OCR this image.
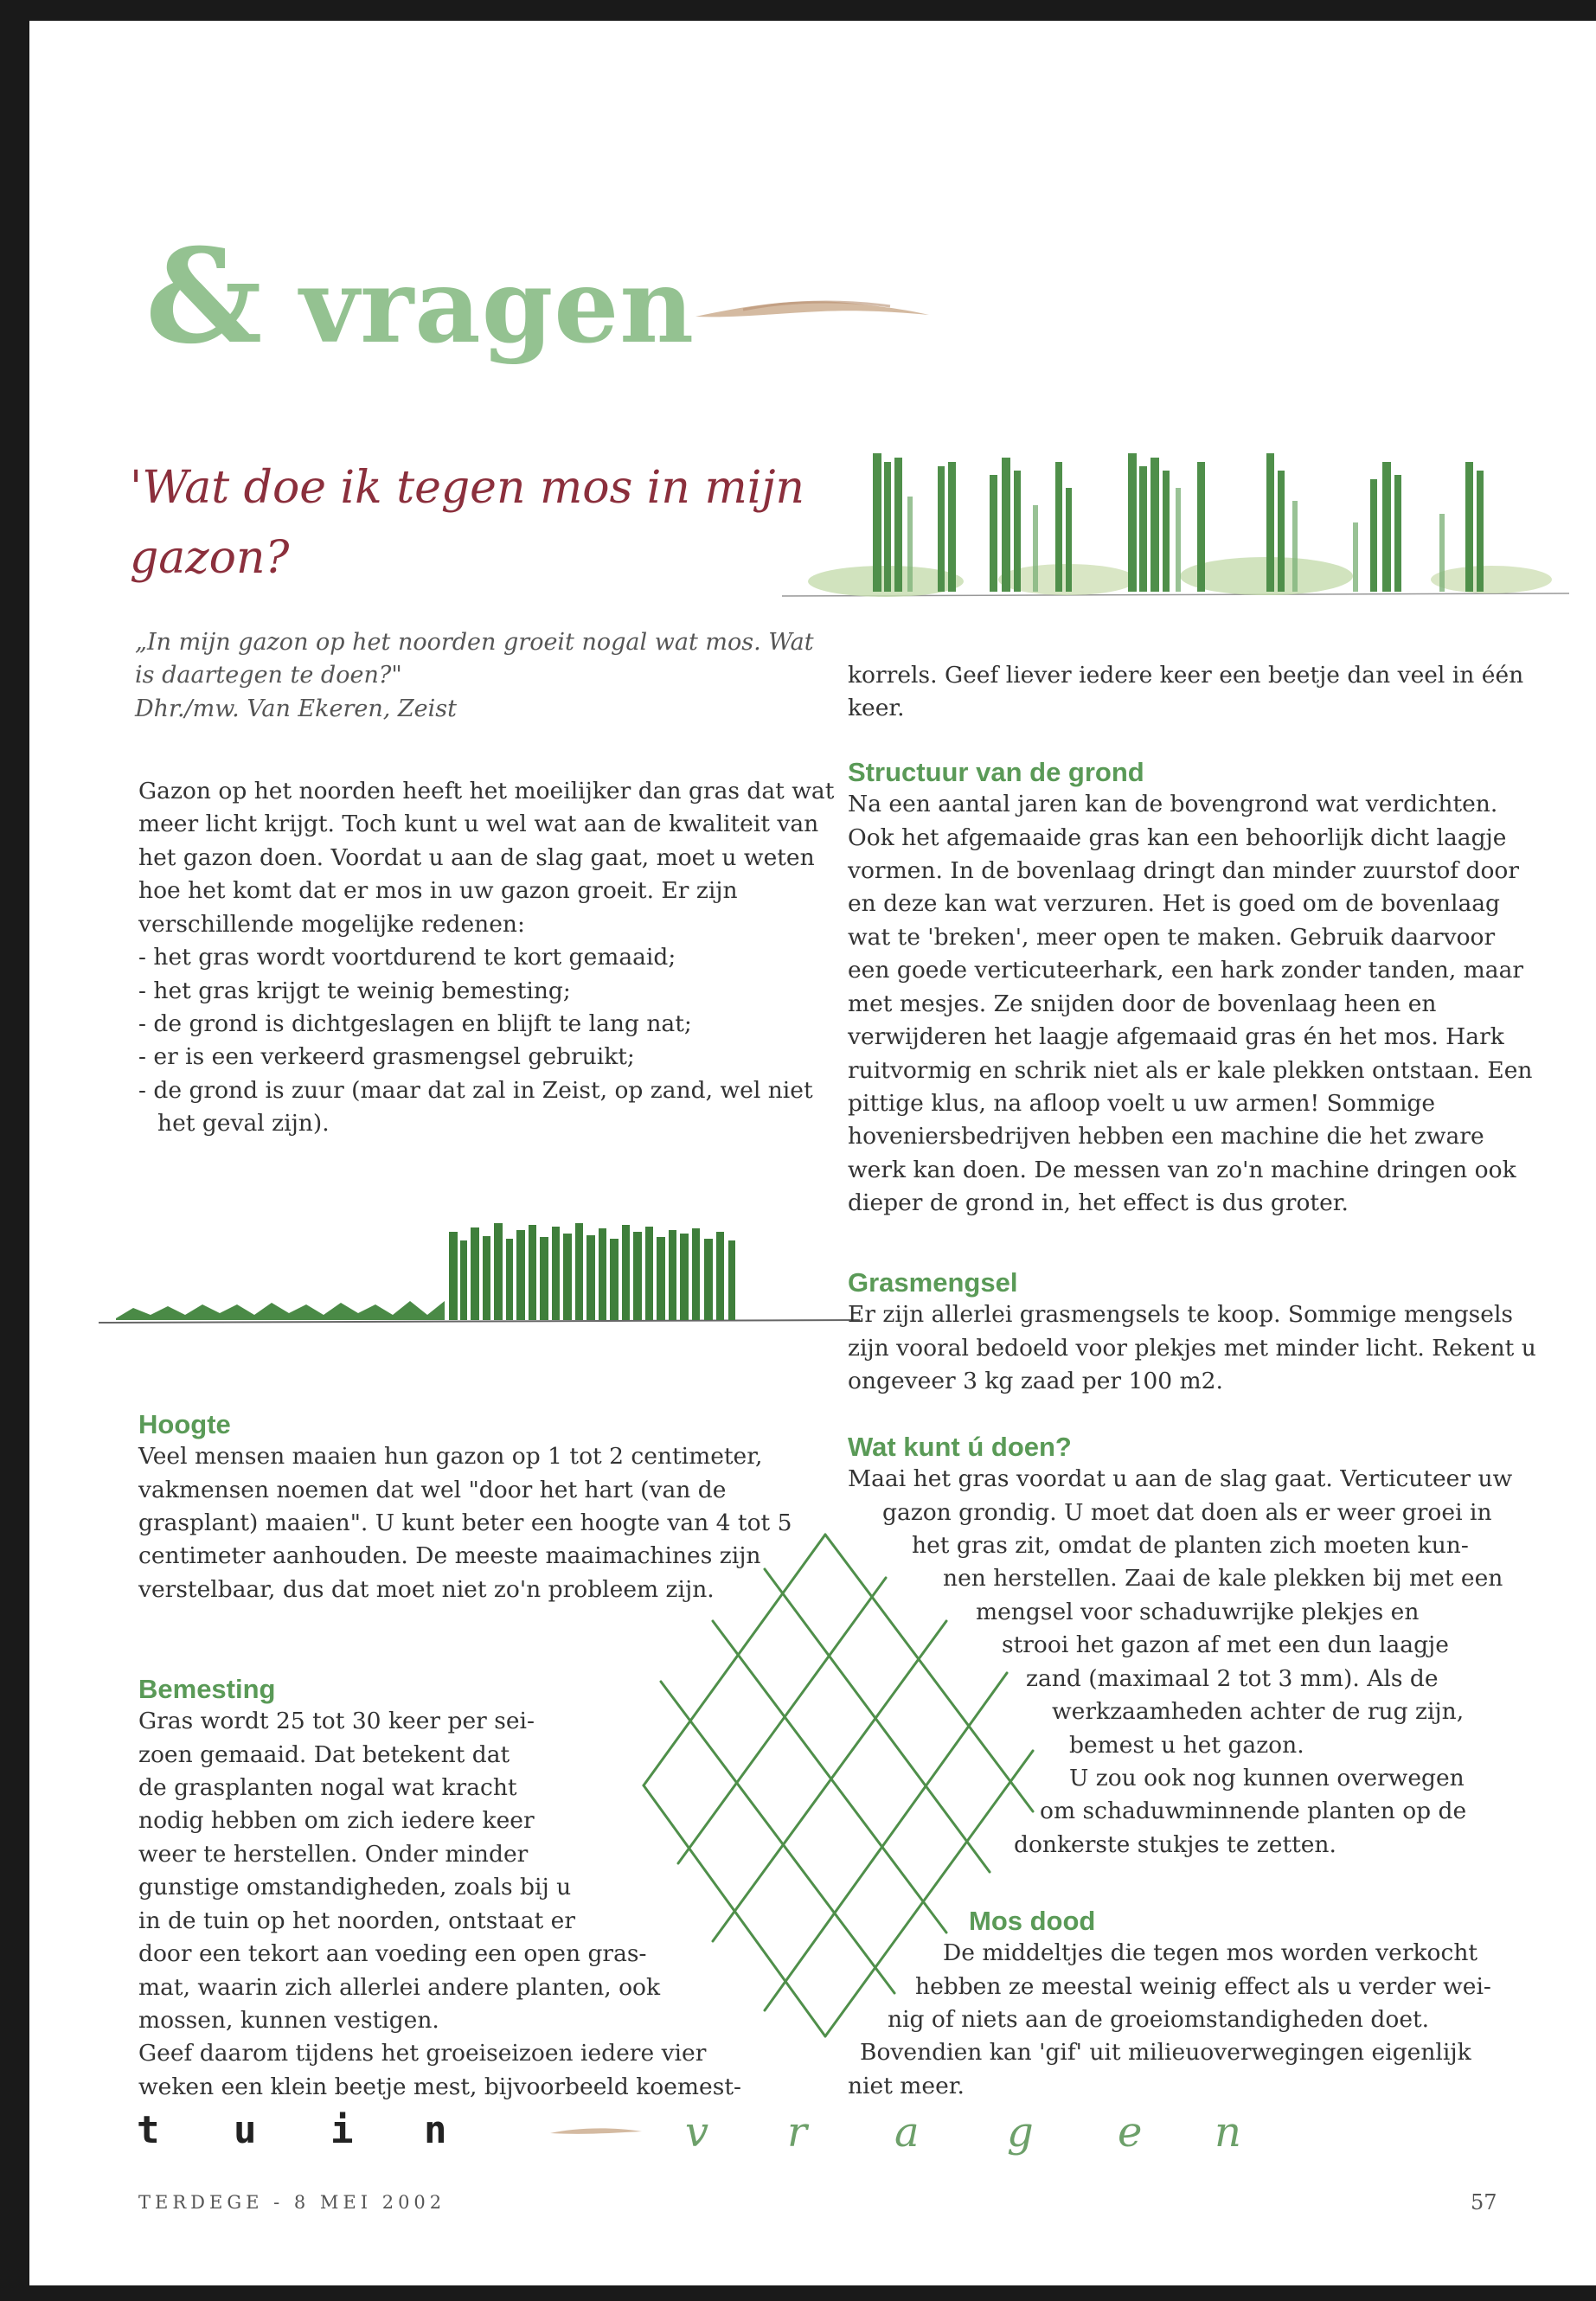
& vragen
'Wat doe ik tegen mos in mijn gazon?

„In mijn gazon op het noorden groeit nogal wat mos. Wat is daartegen te doen?"

Dhr./mw. Van Ekeren, Zeist

Gazon op het noorden heeft het moeilijker dan gras dat wat meer licht krijgt. Toch kunt u wel wat aan de kwaliteit van het gazon doen. Voordat u aan de slag gaat, moet u weten hoe het komt dat er mos in uw gazon groeit. Er zijn verschillende mogelijke redenen:

- het gras wordt voortdurend te kort gemaaid;
- het gras krijgt te weinig bemesting;
- de grond is dichtgeslagen en blijft te lang nat;
- er is een verkeerd grasmengsel gebruikt;
- de grond is zuur (maar dat zal in Zeist, op zand, wel niet het geval zijn).
Hoogte

Veel mensen maaien hun gazon op 1 tot 2 centimeter, vakmensen noemen dat wel "door het hart (van de grasplant) maaien". U kunt beter een hoogte van 4 tot 5 centimeter aanhouden. De meeste maaimachines zijn verstelbaar, dus dat moet niet zo'n probleem zijn.

Bemesting
Gras wordt 25 tot 30 keer per sei-
zoen gemaaid. Dat betekent dat
de grasplanten nogal wat kracht
nodig hebben om zich iedere keer
weer te herstellen. Onder minder
gunstige omstandigheden, zoals bij u
in de tuin op het noorden, ontstaat er
door een tekort aan voeding een open gras-
mat, waarin zich allerlei andere planten, ook
mossen, kunnen vestigen.
Geef daarom tijdens het groeiseizoen iedere vier
weken een klein beetje mest, bijvoorbeeld koemest-

korrels. Geef liever iedere keer een beetje dan veel in één keer.

Structuur van de grond

Na een aantal jaren kan de bovengrond wat verdichten. Ook het afgemaaide gras kan een behoorlijk dicht laagje vormen. In de bovenlaag dringt dan minder zuurstof door en deze kan wat verzuren. Het is goed om de bovenlaag wat te 'breken', meer open te maken. Gebruik daarvoor een goede verticuteerhark, een hark zonder tanden, maar met mesjes. Ze snijden door de bovenlaag heen en verwijderen het laagje afgemaaid gras én het mos. Hark ruitvormig en schrik niet als er kale plekken ontstaan. Een pittige klus, na afloop voelt u uw armen! Sommige hoveniersbedrijven hebben een machine die het zware werk kan doen. De messen van zo'n machine dringen ook dieper de grond in, het effect is dus groter.

Grasmengsel

Er zijn allerlei grasmengsels te koop. Sommige mengsels zijn vooral bedoeld voor plekjes met minder licht. Rekent u ongeveer 3 kg zaad per 100 m2.

Wat kunt ú doen?
Maai het gras voordat u aan de slag gaat. Verticuteer uw
gazon grondig. U moet dat doen als er weer groei in
het gras zit, omdat de planten zich moeten kun-
nen herstellen. Zaai de kale plekken bij met een
mengsel voor schaduwrijke plekjes en
strooi het gazon af met een dun laagje
zand (maximaal 2 tot 3 mm). Als de
werkzaamheden achter de rug zijn,
bemest u het gazon.
U zou ook nog kunnen overwegen
om schaduwminnende planten op de
donkerste stukjes te zetten.
Mos dood
De middeltjes die tegen mos worden verkocht
hebben ze meestal weinig effect als u verder wei-
nig of niets aan de groeiomstandigheden doet.
Bovendien kan 'gif' uit milieuoverwegingen eigenlijk
niet meer.
t u i n	v r a g e n
TERDEGE - 8 MEI 2002	57
